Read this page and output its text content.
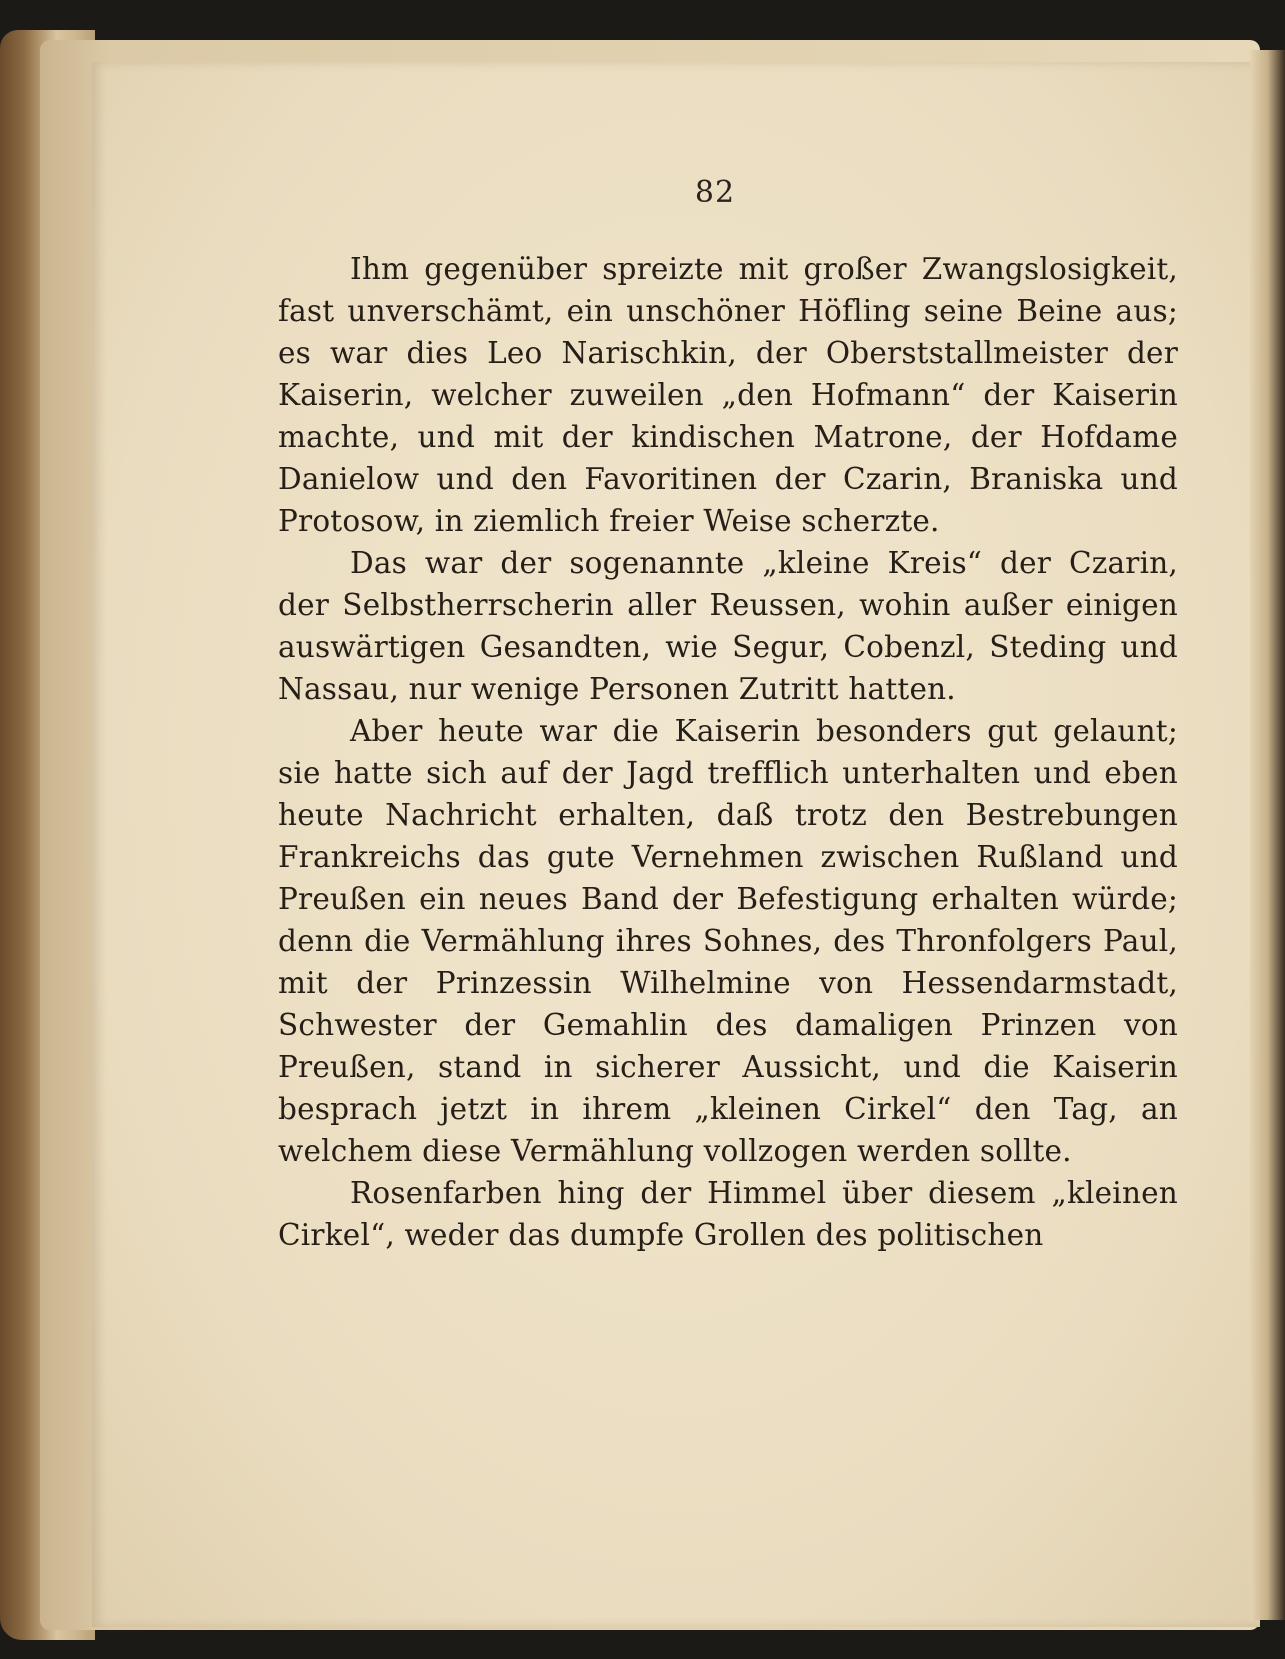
82

Ihm gegenüber spreizte mit großer Zwangslosigkeit, fast unverschämt, ein unschöner Höfling seine Beine aus; es war dies Leo Narischkin, der Oberststallmeister der Kaiserin, welcher zuweilen „den Hofmann“ der Kaiserin machte, und mit der kindischen Matrone, der Hofdame Danielow und den Favoritinen der Czarin, Braniska und Protosow, in ziemlich freier Weise scherzte.

Das war der sogenannte „kleine Kreis“ der Czarin, der Selbstherrscherin aller Reussen, wohin außer einigen auswärtigen Gesandten, wie Segur, Cobenzl, Steding und Nassau, nur wenige Personen Zutritt hatten.

Aber heute war die Kaiserin besonders gut gelaunt; sie hatte sich auf der Jagd trefflich unterhalten und eben heute Nachricht erhalten, daß trotz den Bestrebungen Frankreichs das gute Vernehmen zwischen Rußland und Preußen ein neues Band der Befestigung erhalten würde; denn die Vermählung ihres Sohnes, des Thronfolgers Paul, mit der Prinzessin Wilhelmine von Hessendarmstadt, Schwester der Gemahlin des damaligen Prinzen von Preußen, stand in sicherer Aussicht, und die Kaiserin besprach jetzt in ihrem „kleinen Cirkel“ den Tag, an welchem diese Vermählung vollzogen werden sollte.

Rosenfarben hing der Himmel über diesem „kleinen Cirkel“, weder das dumpfe Grollen des politischen
